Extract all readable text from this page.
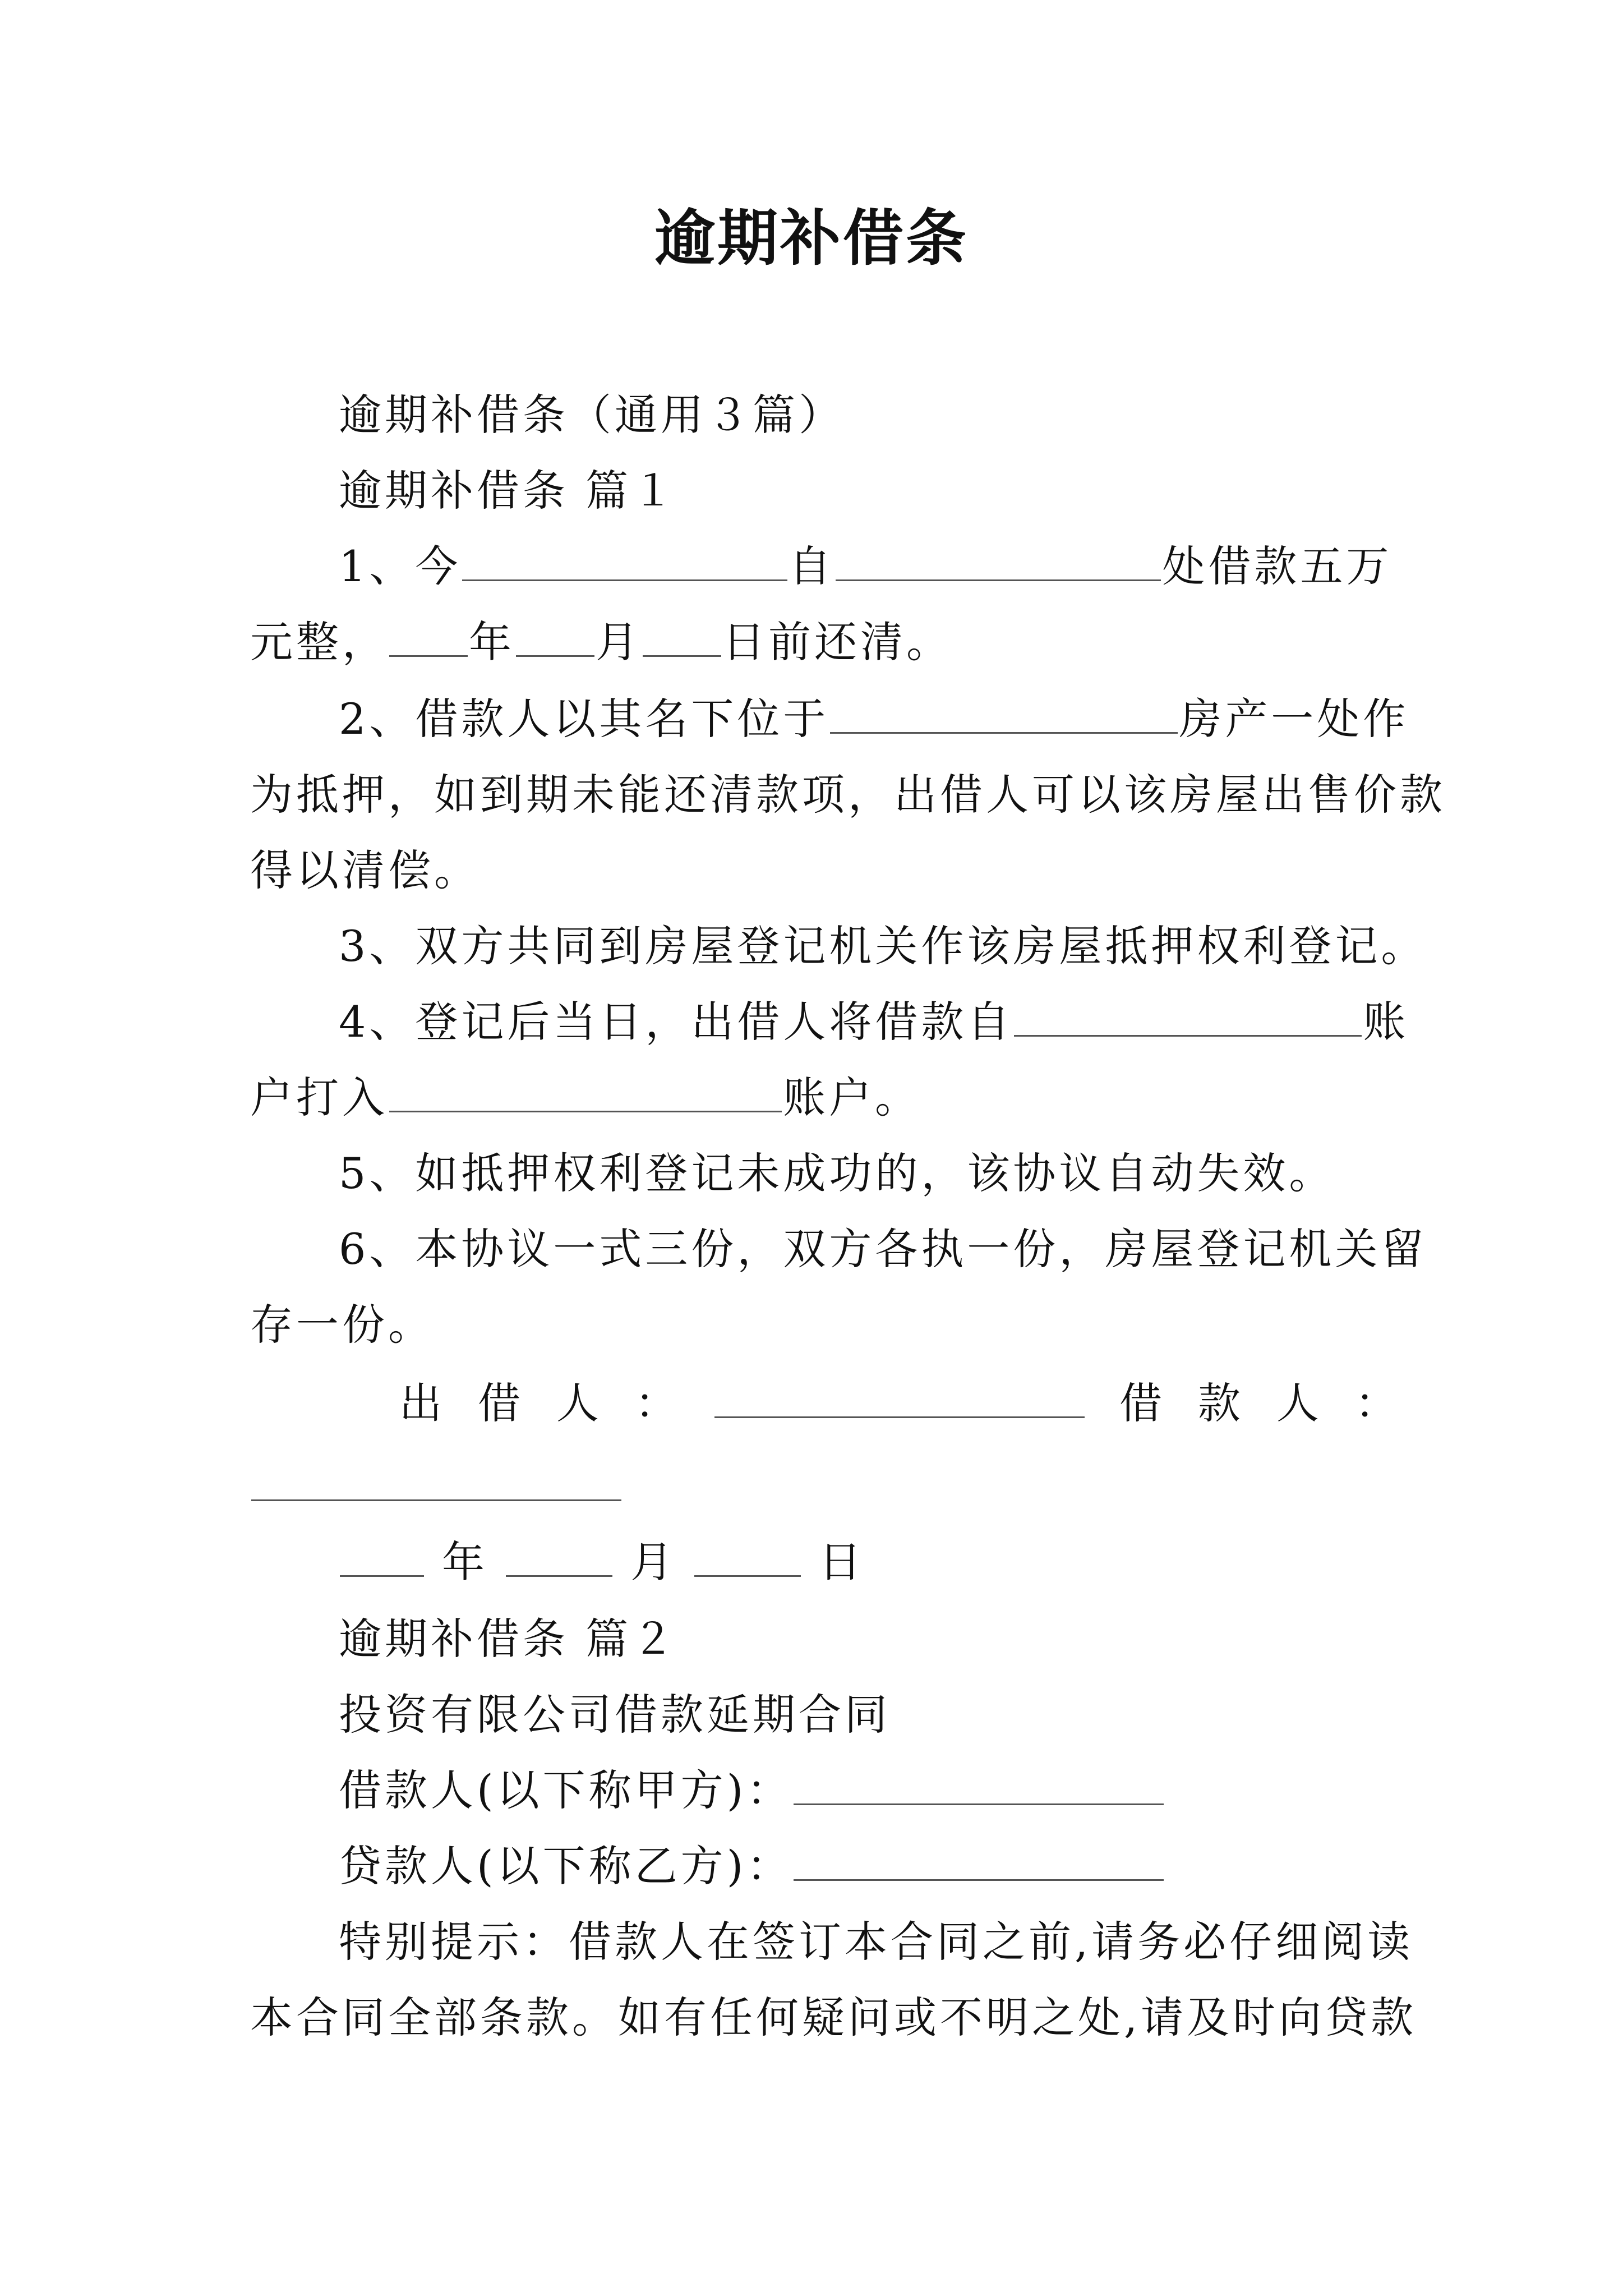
逾期补借条
逾期补借条（通用３篇）
逾期补借条 篇１
1、今	自	处借款五万
元整， 年 月 日前还清。
2、借款人以其名下位于	房产一处作
为抵押，如到期未能还清款项，出借人可以该房屋出售价款
得以清偿。
3、双方共同到房屋登记机关作该房屋抵押权利登记。
4、登记后当日，出借人将借款自	账
户打入	账户。
5、如抵押权利登记未成功的，该协议自动失效。
6、本协议一式三份，双方各执一份，房屋登记机关留
存一份。
出借人：	借款人：
年	月	日
逾期补借条 篇２
投资有限公司借款延期合同
借款人(以下称甲方)：
贷款人(以下称乙方)：
特别提示：借款人在签订本合同之前,请务必仔细阅读
本合同全部条款。如有任何疑问或不明之处,请及时向贷款
